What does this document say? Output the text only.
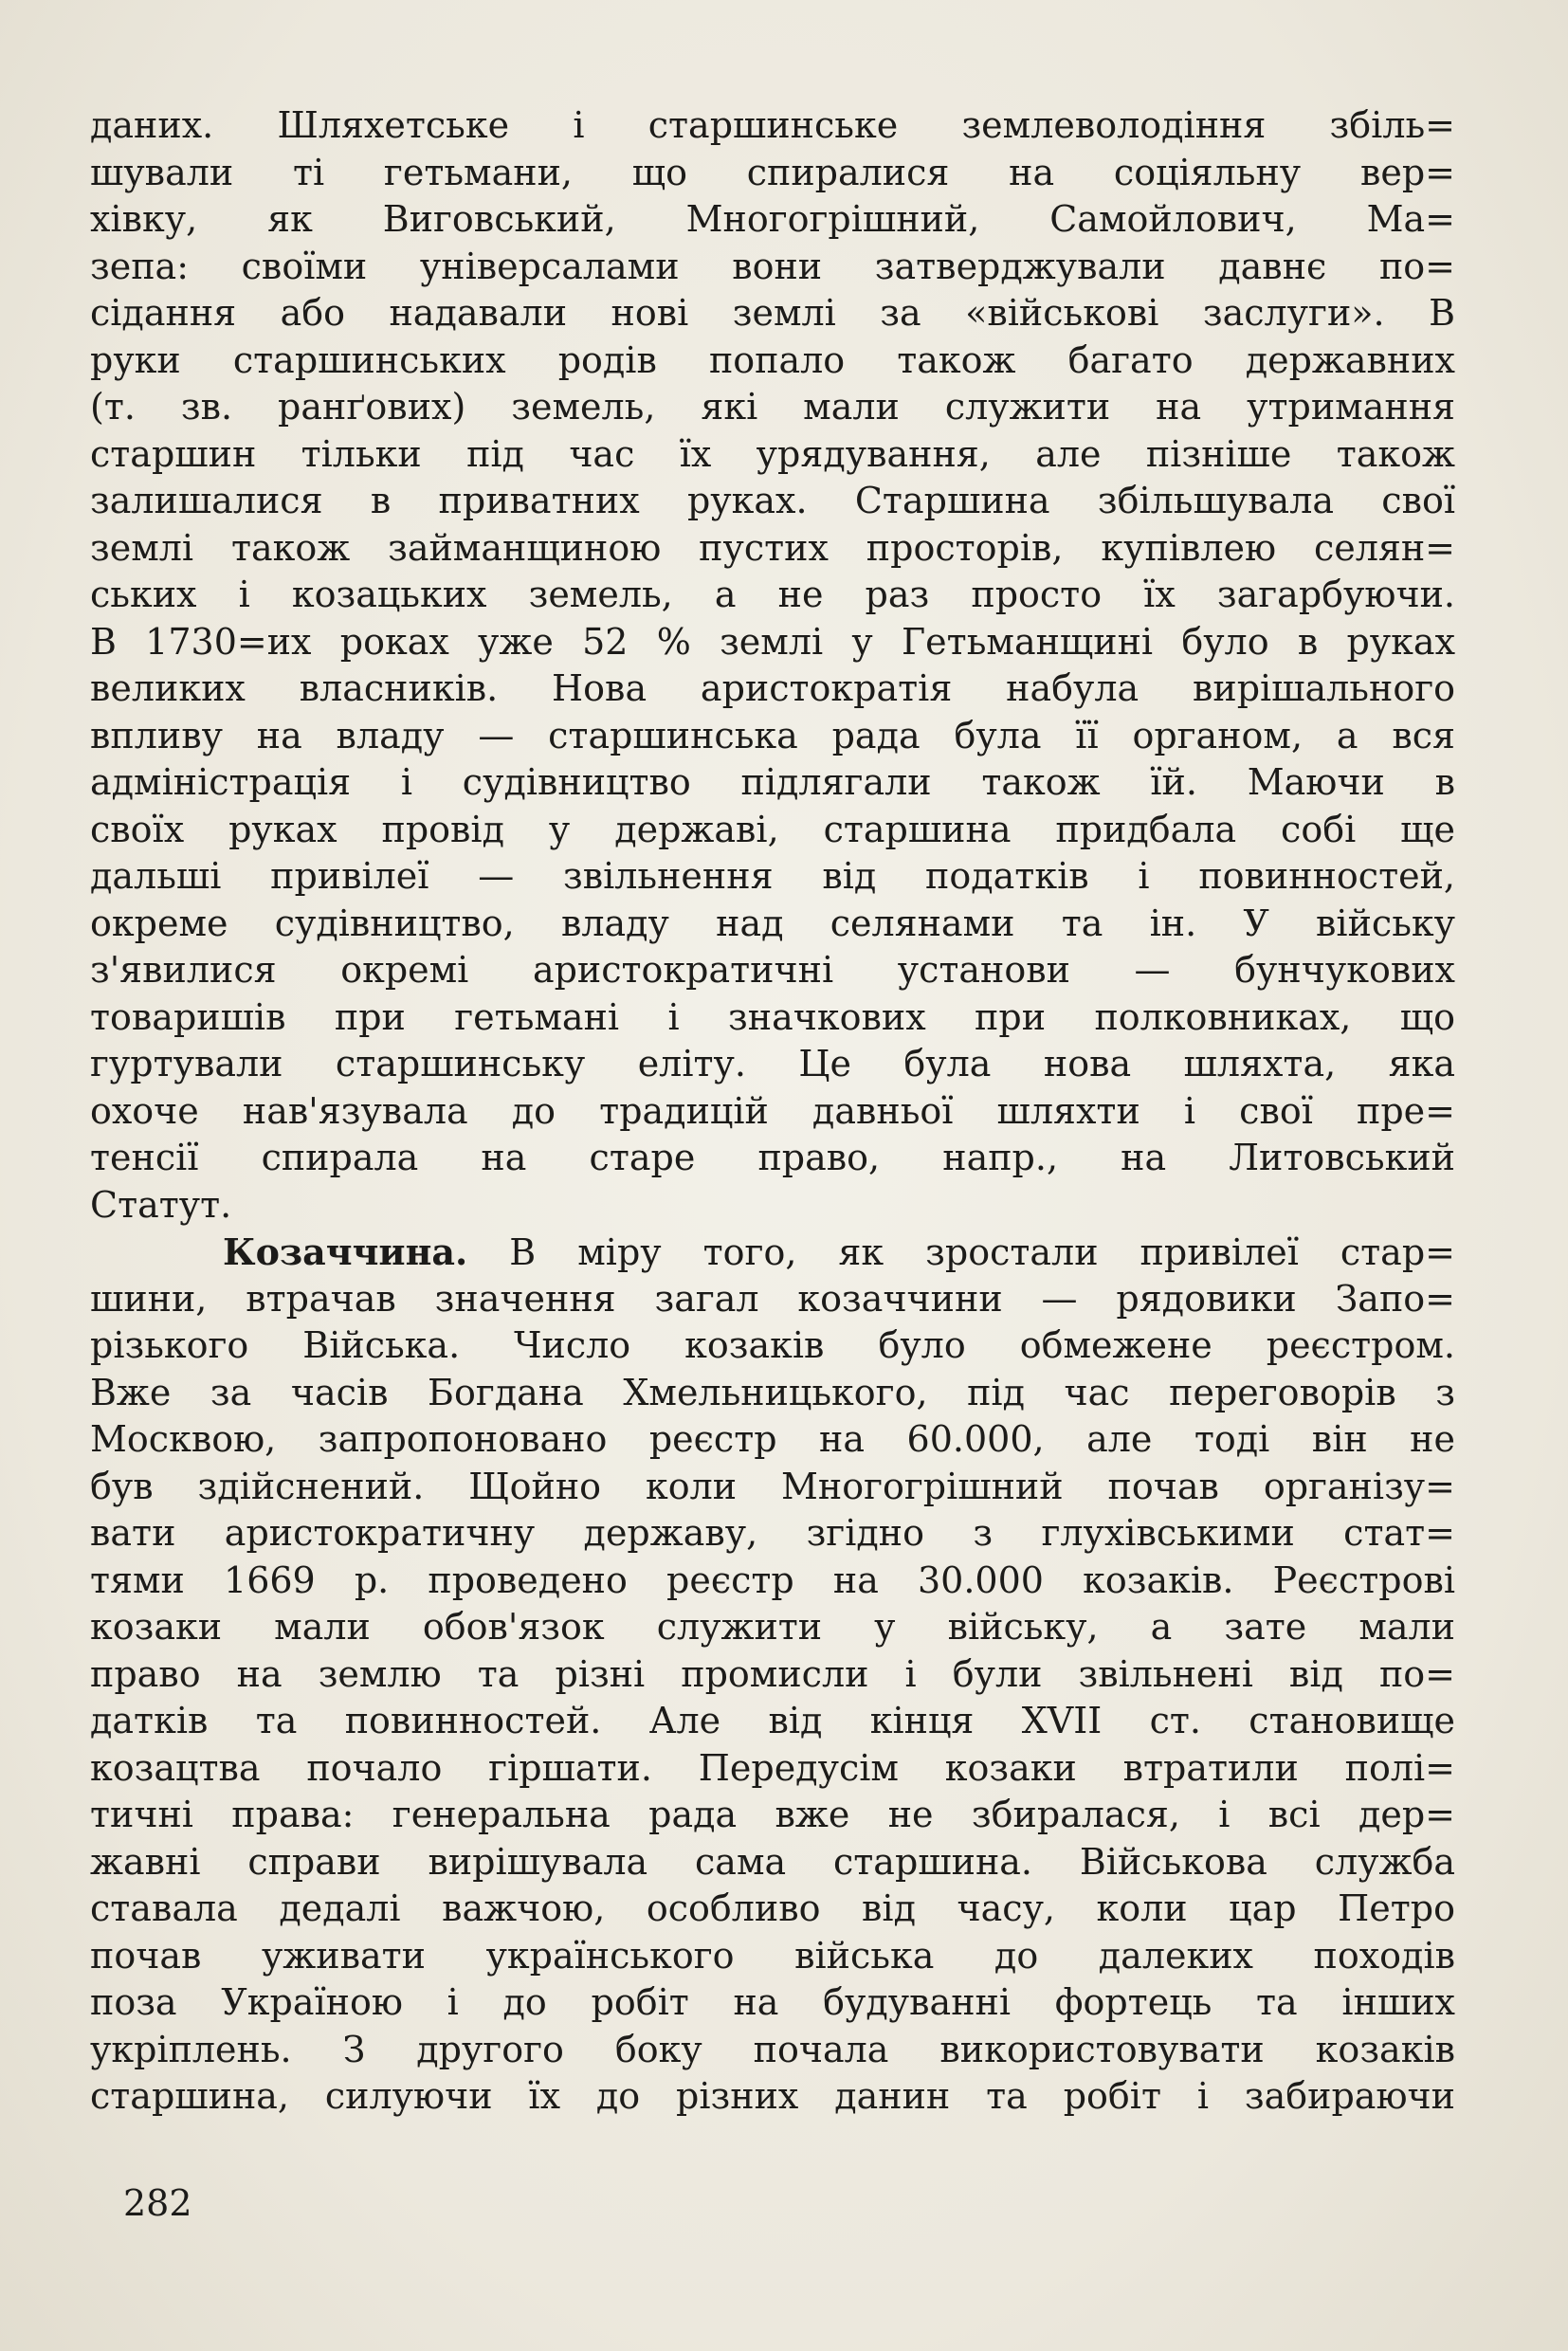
даних. Шляхетське і старшинське землеволодіння збіль=
шували ті гетьмани, що спиралися на соціяльну вер=
хівку, як Виговський, Многогрішний, Самойлович, Ма=
зепа: своїми універсалами вони затверджували давнє по=
сідання або надавали нові землі за «військові заслуги». В
руки старшинських родів попало також багато державних
(т. зв. ранґових) земель, які мали служити на утримання
старшин тільки під час їх урядування, але пізніше також
залишалися в приватних руках. Старшина збільшувала свої
землі також займанщиною пустих просторів, купівлею селян=
ських і козацьких земель, а не раз просто їх загарбуючи.
В 1730=их роках уже 52 % землі у Гетьманщині було в руках
великих власників. Нова аристократія набула вирішального
впливу на владу — старшинська рада була її органом, а вся
адміністрація і судівництво підлягали також їй. Маючи в
своїх руках провід у державі, старшина придбала собі ще
дальші привілеї — звільнення від податків і повинностей,
окреме судівництво, владу над селянами та ін. У війську
з'явилися окремі аристократичні установи — бунчукових
товаришів при гетьмані і значкових при полковниках, що
гуртували старшинську еліту. Це була нова шляхта, яка
охоче нав'язувала до традицій давньої шляхти і свої пре=
тенсії спирала на старе право, напр., на Литовський
Статут.
Козаччина. В міру того, як зростали привілеї стар=
шини, втрачав значення загал козаччини — рядовики Запо=
різького Війська. Число козаків було обмежене реєстром.
Вже за часів Богдана Хмельницького, під час переговорів з
Москвою, запропоновано реєстр на 60.000, але тоді він не
був здійснений. Щойно коли Многогрішний почав організу=
вати аристократичну державу, згідно з глухівськими стат=
тями 1669 р. проведено реєстр на 30.000 козаків. Реєстрові
козаки мали обов'язок служити у війську, а зате мали
право на землю та різні промисли і були звільнені від по=
датків та повинностей. Але від кінця XVII ст. становище
козацтва почало гіршати. Передусім козаки втратили полі=
тичні права: генеральна рада вже не збиралася, і всі дер=
жавні справи вирішувала сама старшина. Військова служба
ставала дедалі важчою, особливо від часу, коли цар Петро
почав уживати українського війська до далеких походів
поза Україною і до робіт на будуванні фортець та інших
укріплень. З другого боку почала використовувати козаків
старшина, силуючи їх до різних данин та робіт і забираючи
282
